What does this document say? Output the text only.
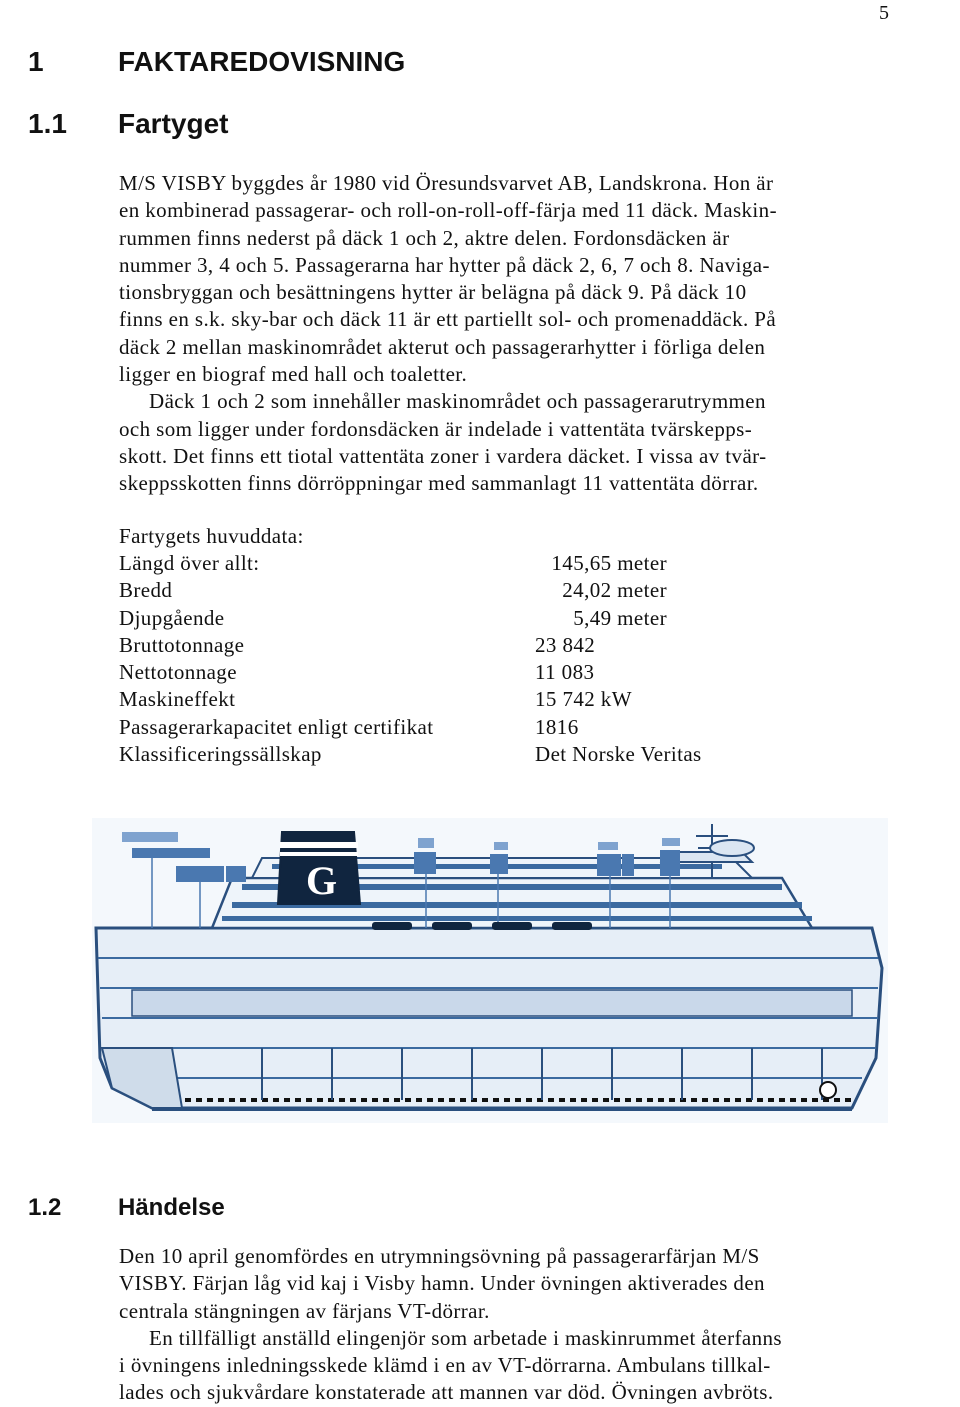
5
1	FAKTAREDOVISNING
1.1 Fartyget

M/S VISBY byggdes år 1980 vid Öresundsvarvet AB, Landskrona. Hon är
en kombinerad passagerar- och roll-on-roll-off-färja med 11 däck. Maskin-
rummen finns nederst på däck 1 och 2, aktre delen. Fordonsdäcken är
nummer 3, 4 och 5. Passagerarna har hytter på däck 2, 6, 7 och 8. Naviga-
tionsbryggan och besättningens hytter är belägna på däck 9. På däck 10
finns en s.k. sky-bar och däck 11 är ett partiellt sol- och promenaddäck. På
däck 2 mellan maskinområdet akterut och passagerarhytter i förliga delen
ligger en biograf med hall och toaletter.

Däck 1 och 2 som innehåller maskinområdet och passagerarutrymmen
och som ligger under fordonsdäcken är indelade i vattentäta tvärskepps-
skott. Det finns ett tiotal vattentäta zoner i vardera däcket. I vissa av tvär-
skeppsskotten finns dörröppningar med sammanlagt 11 vattentäta dörrar.

Fartygets huvuddata:
Längd över allt:	145,65 meter
Bredd	24,02 meter
Djupgående	5,49 meter
Bruttotonnage	23 842
Nettotonnage	11 083
Maskineffekt	15 742 kW
Passagerarkapacitet enligt certifikat	1816
Klassificeringssällskap	Det Norske Veritas
G
1.2 Händelse

Den 10 april genomfördes en utrymningsövning på passagerarfärjan M/S
VISBY. Färjan låg vid kaj i Visby hamn. Under övningen aktiverades den
centrala stängningen av färjans VT-dörrar.

En tillfälligt anställd elingenjör som arbetade i maskinrummet återfanns
i övningens inledningsskede klämd i en av VT-dörrarna. Ambulans tillkal-
lades och sjukvårdare konstaterade att mannen var död. Övningen avbröts.
